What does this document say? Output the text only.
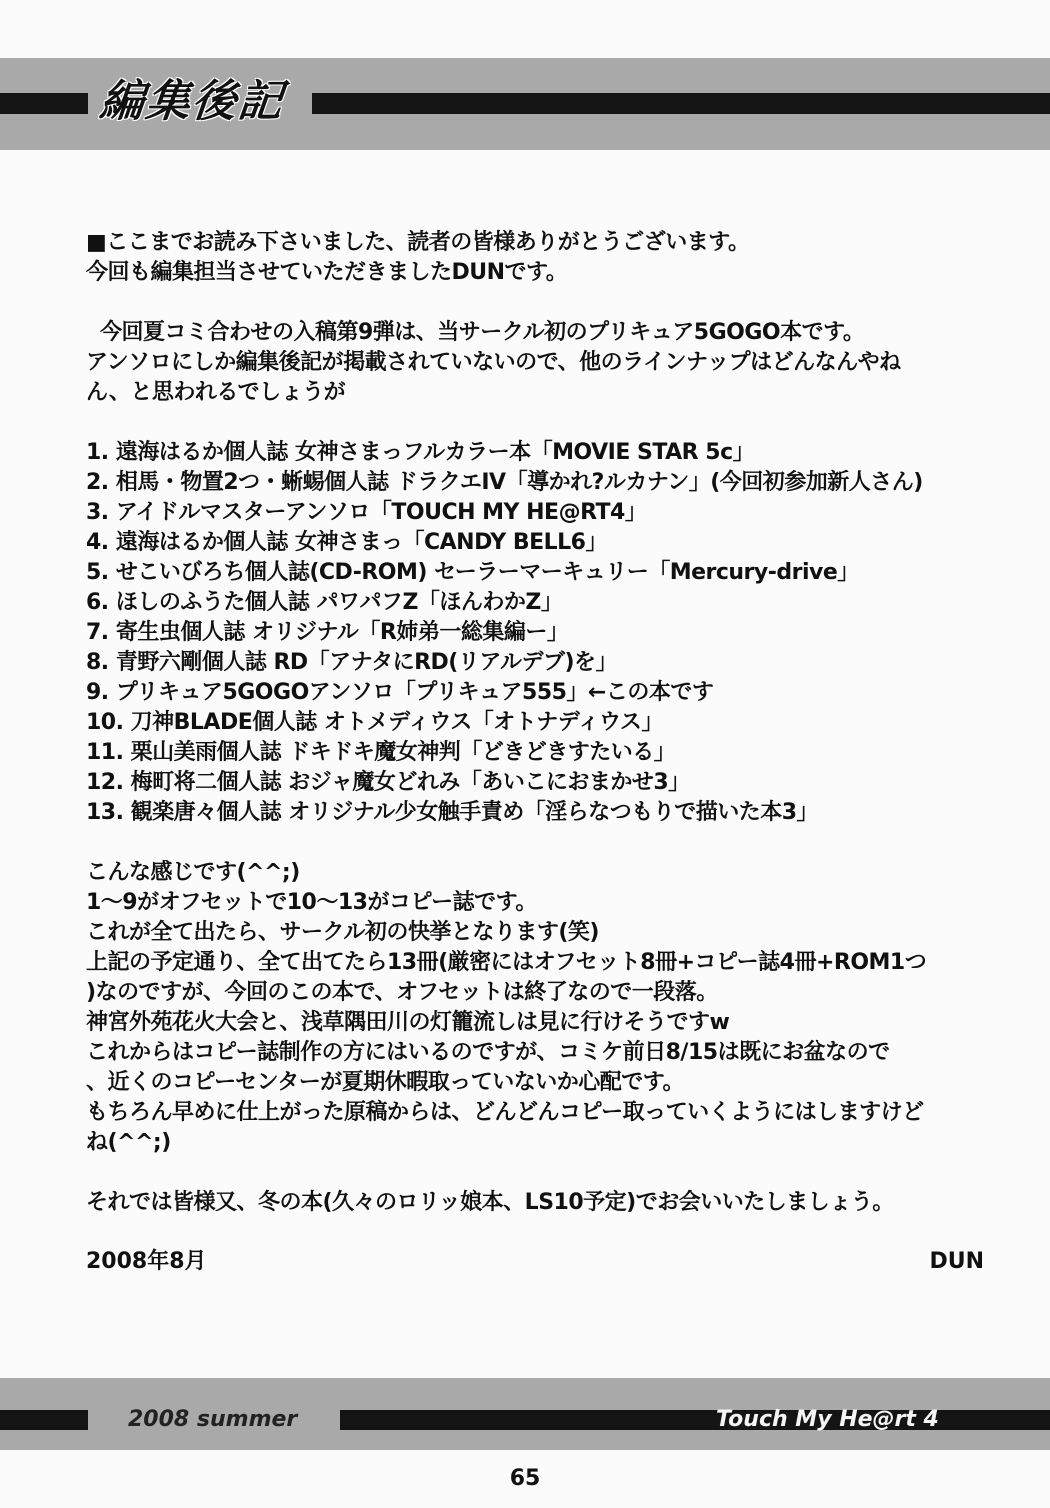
編集後記

■ここまでお読み下さいました、読者の皆様ありがとうございます。

今回も編集担当させていただきましたDUNです。

今回夏コミ合わせの入稿第9弾は、当サークル初のプリキュア5GOGO本です。

アンソロにしか編集後記が掲載されていないので、他のラインナップはどんなんやね

ん、と思われるでしょうが

1. 遠海はるか個人誌 女神さまっフルカラー本「MOVIE STAR 5c」
2. 相馬・物置2つ・蜥蜴個人誌 ドラクエIV「導かれ?ルカナン」(今回初参加新人さん)
3. アイドルマスターアンソロ「TOUCH MY HE@RT4」
4. 遠海はるか個人誌 女神さまっ「CANDY BELL6」
5. せこいびろち個人誌(CD-ROM) セーラーマーキュリー「Mercury-drive」
6. ほしのふうた個人誌 パワパフZ「ほんわかZ」
7. 寄生虫個人誌 オリジナル「R姉弟一総集編ー」
8. 青野六剛個人誌 RD「アナタにRD(リアルデブ)を」
9. プリキュア5GOGOアンソロ「プリキュア555」←この本です
10. 刀神BLADE個人誌 オトメディウス「オトナディウス」
11. 栗山美雨個人誌 ドキドキ魔女神判「どきどきすたいる」
12. 梅町将二個人誌 おジャ魔女どれみ「あいこにおまかせ3」
13. 観楽唐々個人誌 オリジナル少女触手責め「淫らなつもりで描いた本3」

こんな感じです(^^;)

1～9がオフセットで10～13がコピー誌です。

これが全て出たら、サークル初の快挙となります(笑)

上記の予定通り、全て出てたら13冊(厳密にはオフセット8冊+コピー誌4冊+ROM1つ

)なのですが、今回のこの本で、オフセットは終了なので一段落。

神宮外苑花火大会と、浅草隅田川の灯籠流しは見に行けそうですw

これからはコピー誌制作の方にはいるのですが、コミケ前日8/15は既にお盆なので

、近くのコピーセンターが夏期休暇取っていないか心配です。

もちろん早めに仕上がった原稿からは、どんどんコピー取っていくようにはしますけど

ね(^^;)

それでは皆様又、冬の本(久々のロリッ娘本、LS10予定)でお会いいたしましょう。

2008年8月	DUN
2008 summer	Touch My He@rt 4
65
